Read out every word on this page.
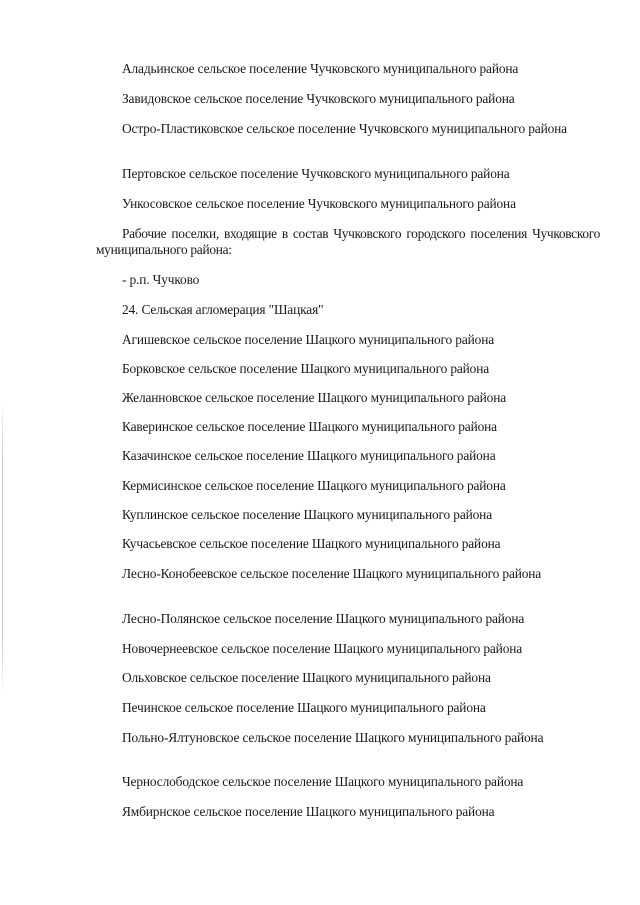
Аладьинское сельское поселение Чучковского муниципального района

Завидовское сельское поселение Чучковского муниципального района

Остро-Пластиковское сельское поселение Чучковского муниципального района

Пертовское сельское поселение Чучковского муниципального района

Ункосовское сельское поселение Чучковского муниципального района

Рабочие поселки, входящие в состав Чучковского городского поселения Чучковского муниципального района:

- р.п. Чучково

24. Сельская агломерация "Шацкая"

Агишевское сельское поселение Шацкого муниципального района

Борковское сельское поселение Шацкого муниципального района

Желанновское сельское поселение Шацкого муниципального района

Каверинское сельское поселение Шацкого муниципального района

Казачинское сельское поселение Шацкого муниципального района

Кермисинское сельское поселение Шацкого муниципального района

Куплинское сельское поселение Шацкого муниципального района

Кучасьевское сельское поселение Шацкого муниципального района

Лесно-Конобеевское сельское поселение Шацкого муниципального района

Лесно-Полянское сельское поселение Шацкого муниципального района

Новочернеевское сельское поселение Шацкого муниципального района

Ольховское сельское поселение Шацкого муниципального района

Печинское сельское поселение Шацкого муниципального района

Польно-Ялтуновское сельское поселение Шацкого муниципального района

Чернослободское сельское поселение Шацкого муниципального района

Ямбирнское сельское поселение Шацкого муниципального района
